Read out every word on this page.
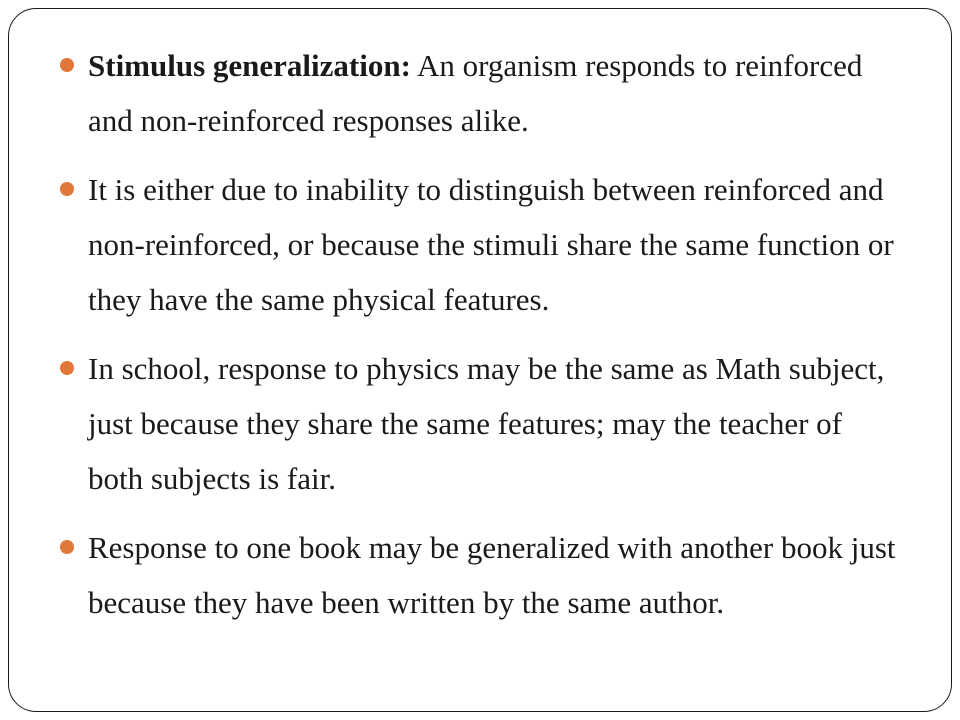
Stimulus generalization: An organism responds to reinforced and non-reinforced responses alike.
It is either due to inability to distinguish between reinforced and non-reinforced, or because the stimuli share the same function or they have the same physical features.
In school, response to physics may be the same as Math subject, just because they share the same features; may the teacher of both subjects is fair.
Response to one book may be generalized with another book just because they have been written by the same author.
